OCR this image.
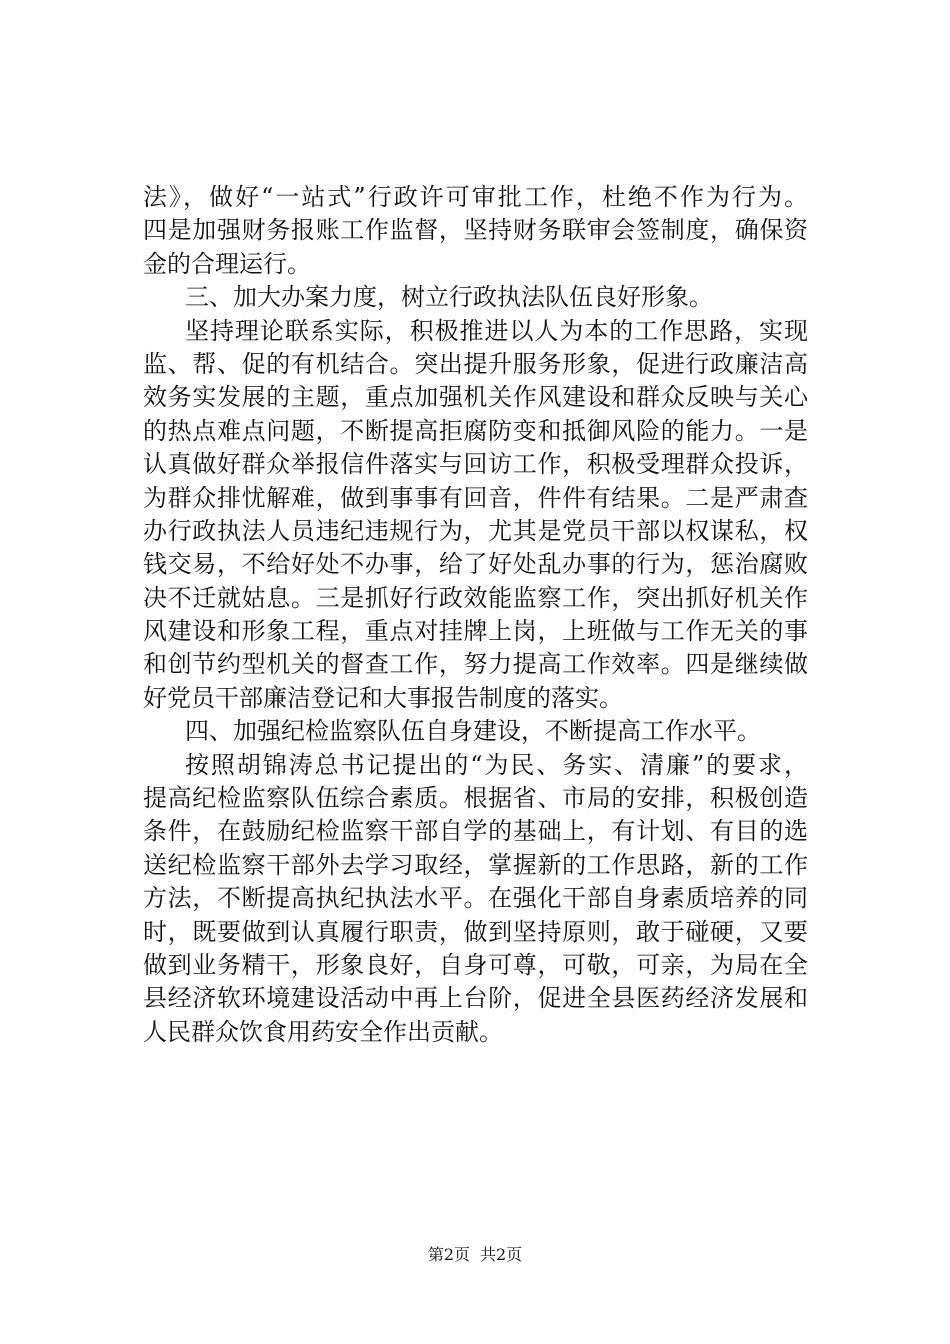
法》，做好“一站式”行政许可审批工作，杜绝不作为行为。
四是加强财务报账工作监督，坚持财务联审会签制度，确保资
金的合理运行。
三、加大办案力度，树立行政执法队伍良好形象。
坚持理论联系实际，积极推进以人为本的工作思路，实现
监、帮、促的有机结合。突出提升服务形象，促进行政廉洁高
效务实发展的主题，重点加强机关作风建设和群众反映与关心
的热点难点问题，不断提高拒腐防变和抵御风险的能力。一是
认真做好群众举报信件落实与回访工作，积极受理群众投诉，
为群众排忧解难，做到事事有回音，件件有结果。二是严肃查
办行政执法人员违纪违规行为，尤其是党员干部以权谋私，权
钱交易，不给好处不办事，给了好处乱办事的行为，惩治腐败
决不迁就姑息。三是抓好行政效能监察工作，突出抓好机关作
风建设和形象工程，重点对挂牌上岗，上班做与工作无关的事
和创节约型机关的督查工作，努力提高工作效率。四是继续做
好党员干部廉洁登记和大事报告制度的落实。
四、加强纪检监察队伍自身建设，不断提高工作水平。
按照胡锦涛总书记提出的“为民、务实、清廉”的要求，
提高纪检监察队伍综合素质。根据省、市局的安排，积极创造
条件，在鼓励纪检监察干部自学的基础上，有计划、有目的选
送纪检监察干部外去学习取经，掌握新的工作思路，新的工作
方法，不断提高执纪执法水平。在强化干部自身素质培养的同
时，既要做到认真履行职责，做到坚持原则，敢于碰硬，又要
做到业务精干，形象良好，自身可尊，可敬，可亲，为局在全
县经济软环境建设活动中再上台阶，促进全县医药经济发展和
人民群众饮食用药安全作出贡献。
第2页 共2页
